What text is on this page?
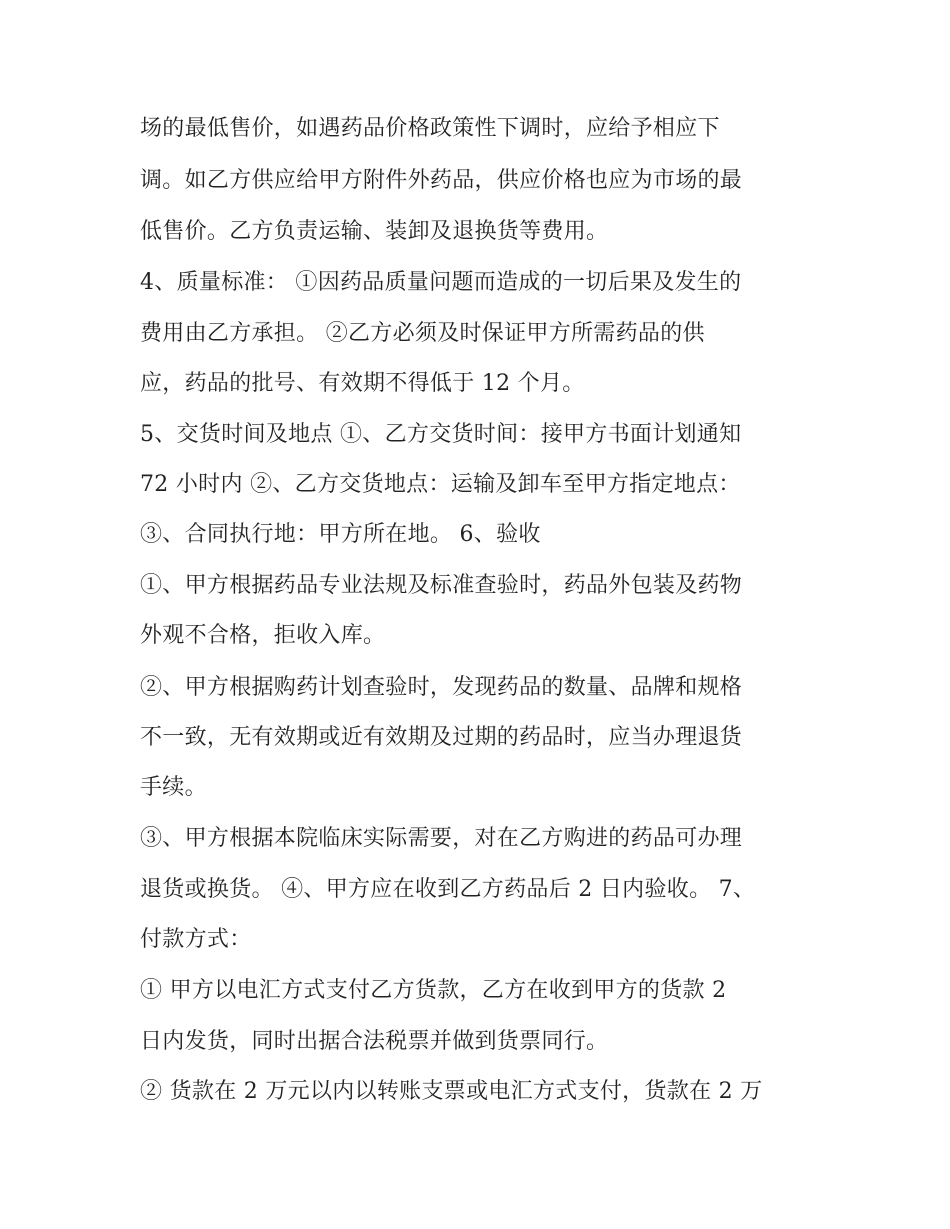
场的最低售价，如遇药品价格政策性下调时，应给予相应下
调。如乙方供应给甲方附件外药品，供应价格也应为市场的最
低售价。乙方负责运输、装卸及退换货等费用。
4、质量标准： ①因药品质量问题而造成的一切后果及发生的
费用由乙方承担。 ②乙方必须及时保证甲方所需药品的供
应，药品的批号、有效期不得低于 12 个月。
5、交货时间及地点 ①、乙方交货时间：接甲方书面计划通知
72 小时内 ②、乙方交货地点：运输及卸车至甲方指定地点：
③、合同执行地：甲方所在地。 6、验收
①、甲方根据药品专业法规及标准查验时，药品外包装及药物
外观不合格，拒收入库。
②、甲方根据购药计划查验时，发现药品的数量、品牌和规格
不一致，无有效期或近有效期及过期的药品时，应当办理退货
手续。
③、甲方根据本院临床实际需要，对在乙方购进的药品可办理
退货或换货。 ④、甲方应在收到乙方药品后 2 日内验收。 7、
付款方式：
① 甲方以电汇方式支付乙方货款，乙方在收到甲方的货款 2
日内发货，同时出据合法税票并做到货票同行。
② 货款在 2 万元以内以转账支票或电汇方式支付，货款在 2 万
